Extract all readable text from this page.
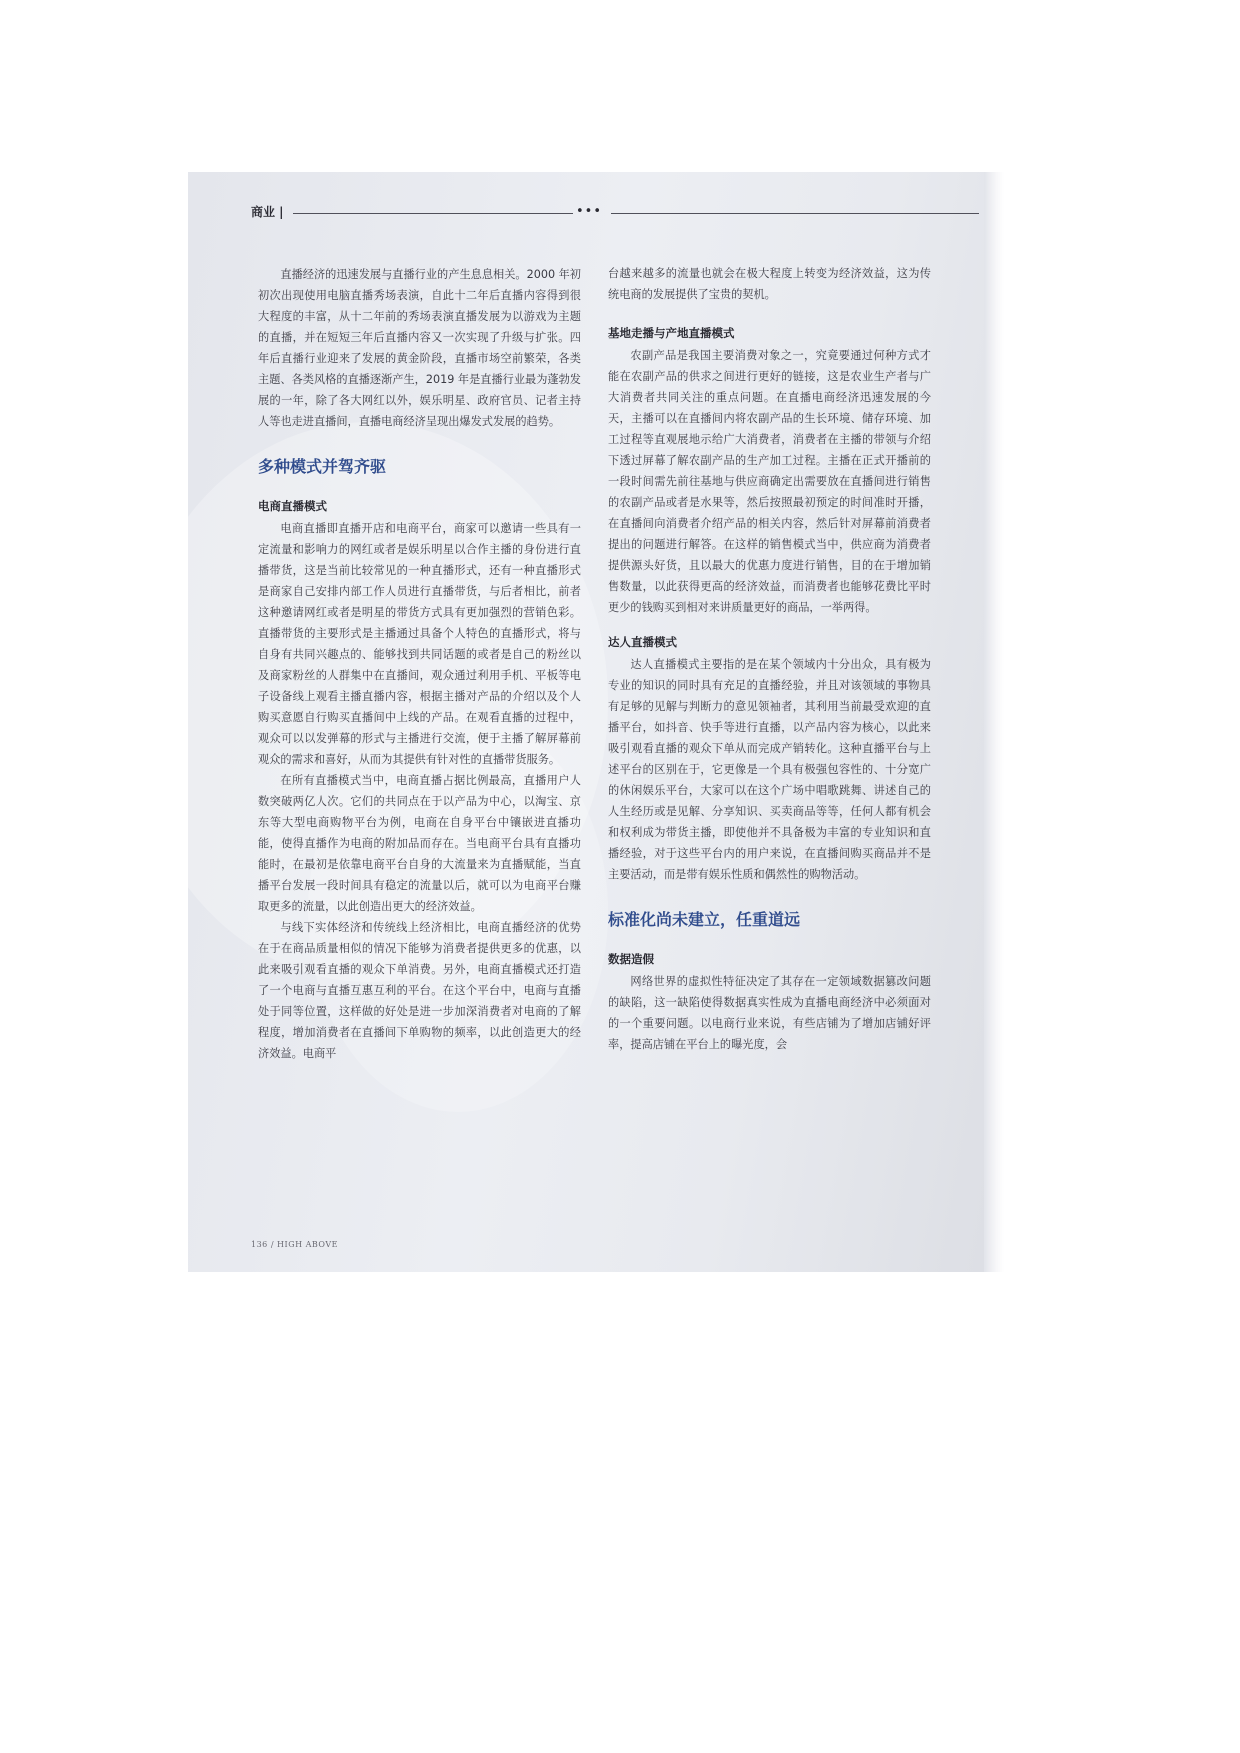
商业 |	•••

直播经济的迅速发展与直播行业的产生息息相关。2000 年初初次出现使用电脑直播秀场表演，自此十二年后直播内容得到很大程度的丰富，从十二年前的秀场表演直播发展为以游戏为主题的直播，并在短短三年后直播内容又一次实现了升级与扩张。四年后直播行业迎来了发展的黄金阶段，直播市场空前繁荣，各类主题、各类风格的直播逐渐产生，2019 年是直播行业最为蓬勃发展的一年，除了各大网红以外，娱乐明星、政府官员、记者主持人等也走进直播间，直播电商经济呈现出爆发式发展的趋势。

多种模式并驾齐驱
电商直播模式

电商直播即直播开店和电商平台，商家可以邀请一些具有一定流量和影响力的网红或者是娱乐明星以合作主播的身份进行直播带货，这是当前比较常见的一种直播形式，还有一种直播形式是商家自己安排内部工作人员进行直播带货，与后者相比，前者这种邀请网红或者是明星的带货方式具有更加强烈的营销色彩。直播带货的主要形式是主播通过具备个人特色的直播形式，将与自身有共同兴趣点的、能够找到共同话题的或者是自己的粉丝以及商家粉丝的人群集中在直播间，观众通过利用手机、平板等电子设备线上观看主播直播内容，根据主播对产品的介绍以及个人购买意愿自行购买直播间中上线的产品。在观看直播的过程中，观众可以以发弹幕的形式与主播进行交流，便于主播了解屏幕前观众的需求和喜好，从而为其提供有针对性的直播带货服务。

在所有直播模式当中，电商直播占据比例最高，直播用户人数突破两亿人次。它们的共同点在于以产品为中心，以淘宝、京东等大型电商购物平台为例，电商在自身平台中镶嵌进直播功能，使得直播作为电商的附加品而存在。当电商平台具有直播功能时，在最初是依靠电商平台自身的大流量来为直播赋能，当直播平台发展一段时间具有稳定的流量以后，就可以为电商平台赚取更多的流量，以此创造出更大的经济效益。

与线下实体经济和传统线上经济相比，电商直播经济的优势在于在商品质量相似的情况下能够为消费者提供更多的优惠，以此来吸引观看直播的观众下单消费。另外，电商直播模式还打造了一个电商与直播互惠互利的平台。在这个平台中，电商与直播处于同等位置，这样做的好处是进一步加深消费者对电商的了解程度，增加消费者在直播间下单购物的频率，以此创造更大的经济效益。电商平

台越来越多的流量也就会在极大程度上转变为经济效益，这为传统电商的发展提供了宝贵的契机。

基地走播与产地直播模式

农副产品是我国主要消费对象之一，究竟要通过何种方式才能在农副产品的供求之间进行更好的链接，这是农业生产者与广大消费者共同关注的重点问题。在直播电商经济迅速发展的今天，主播可以在直播间内将农副产品的生长环境、储存环境、加工过程等直观展地示给广大消费者，消费者在主播的带领与介绍下透过屏幕了解农副产品的生产加工过程。主播在正式开播前的一段时间需先前往基地与供应商确定出需要放在直播间进行销售的农副产品或者是水果等，然后按照最初预定的时间准时开播，在直播间向消费者介绍产品的相关内容，然后针对屏幕前消费者提出的问题进行解答。在这样的销售模式当中，供应商为消费者提供源头好货，且以最大的优惠力度进行销售，目的在于增加销售数量，以此获得更高的经济效益，而消费者也能够花费比平时更少的钱购买到相对来讲质量更好的商品，一举两得。

达人直播模式

达人直播模式主要指的是在某个领域内十分出众，具有极为专业的知识的同时具有充足的直播经验，并且对该领域的事物具有足够的见解与判断力的意见领袖者，其利用当前最受欢迎的直播平台，如抖音、快手等进行直播，以产品内容为核心，以此来吸引观看直播的观众下单从而完成产销转化。这种直播平台与上述平台的区别在于，它更像是一个具有极强包容性的、十分宽广的休闲娱乐平台，大家可以在这个广场中唱歌跳舞、讲述自己的人生经历或是见解、分享知识、买卖商品等等，任何人都有机会和权利成为带货主播，即使他并不具备极为丰富的专业知识和直播经验，对于这些平台内的用户来说，在直播间购买商品并不是主要活动，而是带有娱乐性质和偶然性的购物活动。

标准化尚未建立，任重道远
数据造假

网络世界的虚拟性特征决定了其存在一定领域数据篡改问题的缺陷，这一缺陷使得数据真实性成为直播电商经济中必须面对的一个重要问题。以电商行业来说，有些店铺为了增加店铺好评率，提高店铺在平台上的曝光度，会

136 / HIGH ABOVE
